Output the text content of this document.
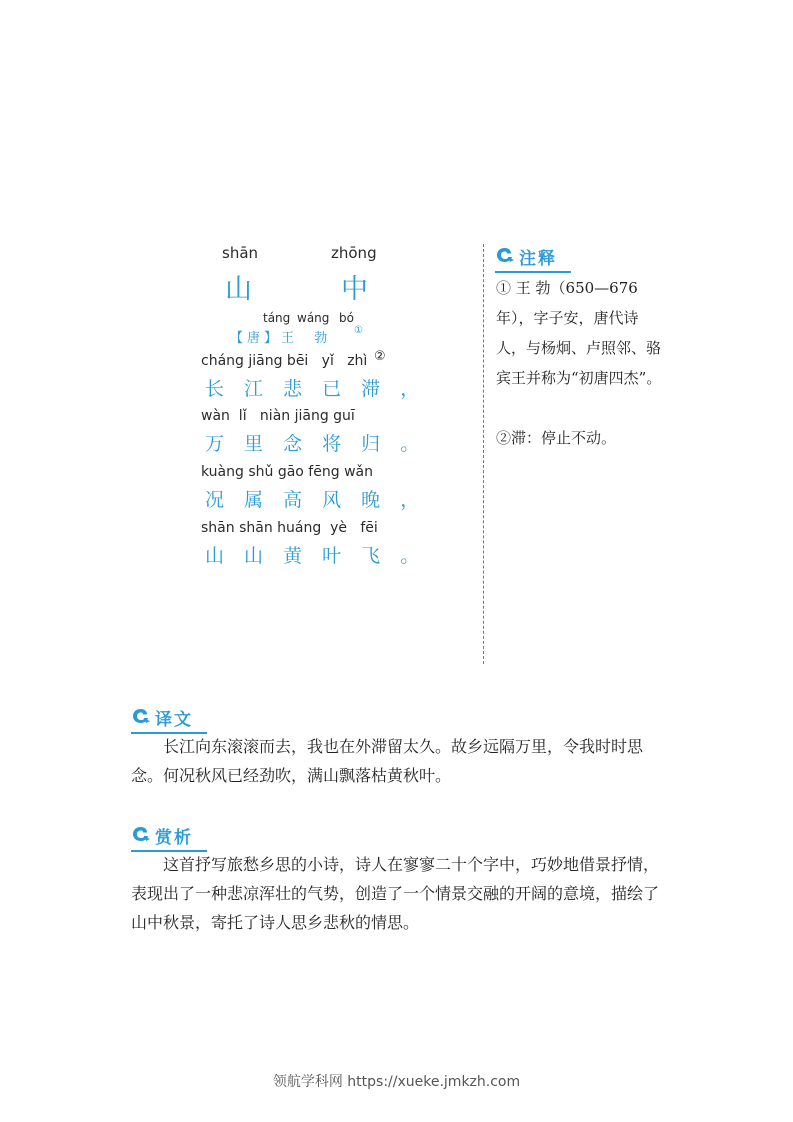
shān	zhōng
山	中
táng wáng bó
【唐】王  勃
①
cháng jiāng bēi   yǐ   zhì ②
长 江 悲 已 滞 ，
wàn  lǐ   niàn jiāng guī
万 里 念 将 归 。
kuàng shǔ gāo fēng wǎn
况 属 高 风 晚 ，
shān shān huáng  yè   fēi
山 山 黄 叶 飞 。
注释
① 王 勃（650—676年），字子安，唐代诗人，与杨炯、卢照邻、骆宾王并称为“初唐四杰”。
②滞：停止不动。
译文
长江向东滚滚而去，我也在外滞留太久。故乡远隔万里，令我时时思念。何况秋风已经劲吹，满山飘落枯黄秋叶。
赏析
这首抒写旅愁乡思的小诗，诗人在寥寥二十个字中，巧妙地借景抒情，表现出了一种悲凉浑壮的气势，创造了一个情景交融的开阔的意境，描绘了山中秋景，寄托了诗人思乡悲秋的情思。
领航学科网 https://xueke.jmkzh.com
